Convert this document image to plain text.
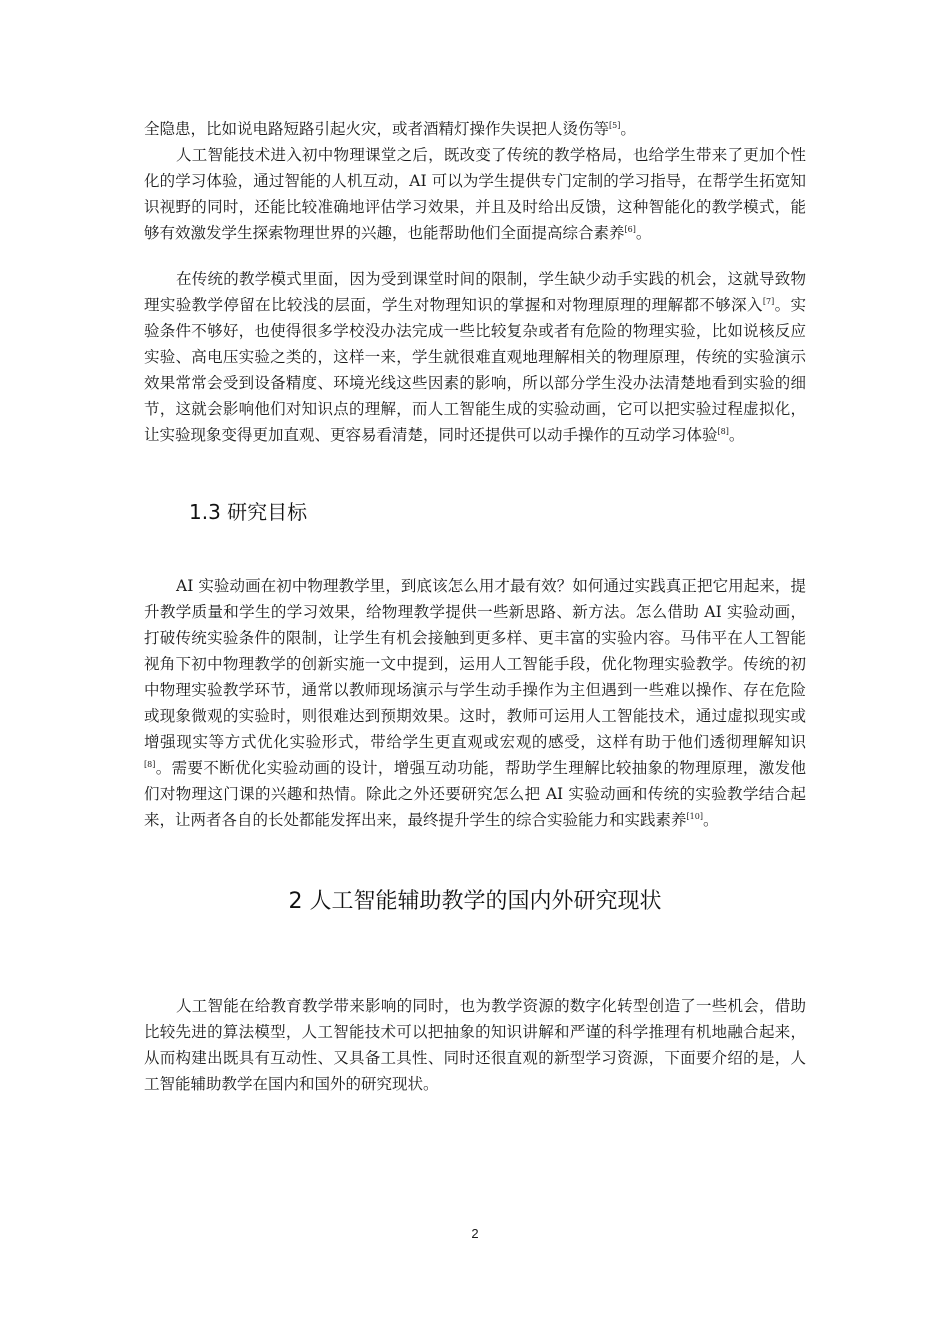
全隐患，比如说电路短路引起火灾，或者酒精灯操作失误把人烫伤等[5]。

人工智能技术进入初中物理课堂之后，既改变了传统的教学格局，也给学生带来了更加个性化的学习体验，通过智能的人机互动，AI 可以为学生提供专门定制的学习指导，在帮学生拓宽知识视野的同时，还能比较准确地评估学习效果，并且及时给出反馈，这种智能化的教学模式，能够有效激发学生探索物理世界的兴趣，也能帮助他们全面提高综合素养[6]。

在传统的教学模式里面，因为受到课堂时间的限制，学生缺少动手实践的机会，这就导致物理实验教学停留在比较浅的层面，学生对物理知识的掌握和对物理原理的理解都不够深入[7]。实验条件不够好，也使得很多学校没办法完成一些比较复杂或者有危险的物理实验，比如说核反应实验、高电压实验之类的，这样一来，学生就很难直观地理解相关的物理原理，传统的实验演示效果常常会受到设备精度、环境光线这些因素的影响，所以部分学生没办法清楚地看到实验的细节，这就会影响他们对知识点的理解，而人工智能生成的实验动画，它可以把实验过程虚拟化，让实验现象变得更加直观、更容易看清楚，同时还提供可以动手操作的互动学习体验[8]。

1.3 研究目标

AI 实验动画在初中物理教学里，到底该怎么用才最有效？如何通过实践真正把它用起来，提升教学质量和学生的学习效果，给物理教学提供一些新思路、新方法。怎么借助 AI 实验动画，打破传统实验条件的限制，让学生有机会接触到更多样、更丰富的实验内容。马伟平在人工智能视角下初中物理教学的创新实施一文中提到，运用人工智能手段，优化物理实验教学。传统的初中物理实验教学环节，通常以教师现场演示与学生动手操作为主但遇到一些难以操作、存在危险或现象微观的实验时，则很难达到预期效果。这时，教师可运用人工智能技术，通过虚拟现实或增强现实等方式优化实验形式，带给学生更直观或宏观的感受，这样有助于他们透彻理解知识[8]。需要不断优化实验动画的设计，增强互动功能，帮助学生理解比较抽象的物理原理，激发他们对物理这门课的兴趣和热情。除此之外还要研究怎么把 AI 实验动画和传统的实验教学结合起来，让两者各自的长处都能发挥出来，最终提升学生的综合实验能力和实践素养[10]。

2 人工智能辅助教学的国内外研究现状

人工智能在给教育教学带来影响的同时，也为教学资源的数字化转型创造了一些机会，借助比较先进的算法模型，人工智能技术可以把抽象的知识讲解和严谨的科学推理有机地融合起来，从而构建出既具有互动性、又具备工具性、同时还很直观的新型学习资源，下面要介绍的是，人工智能辅助教学在国内和国外的研究现状。

2
